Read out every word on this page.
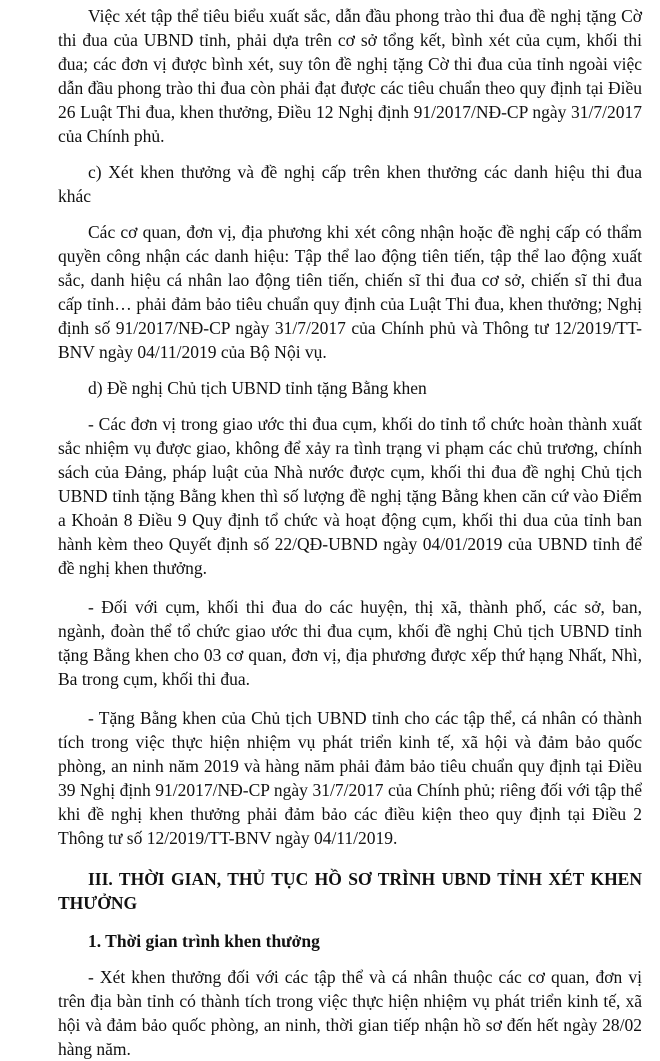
Việc xét tập thể tiêu biểu xuất sắc, dẫn đầu phong trào thi đua đề nghị tặng Cờ thi đua của UBND tỉnh, phải dựa trên cơ sở tổng kết, bình xét của cụm, khối thi đua; các đơn vị được bình xét, suy tôn đề nghị tặng Cờ thi đua của tỉnh ngoài việc dẫn đầu phong trào thi đua còn phải đạt được các tiêu chuẩn theo quy định tại Điều 26 Luật Thi đua, khen thưởng, Điều 12 Nghị định 91/2017/NĐ-CP ngày 31/7/2017 của Chính phủ.

c) Xét khen thưởng và đề nghị cấp trên khen thưởng các danh hiệu thi đua khác

Các cơ quan, đơn vị, địa phương khi xét công nhận hoặc đề nghị cấp có thẩm quyền công nhận các danh hiệu: Tập thể lao động tiên tiến, tập thể lao động xuất sắc, danh hiệu cá nhân lao động tiên tiến, chiến sĩ thi đua cơ sở, chiến sĩ thi đua cấp tỉnh… phải đảm bảo tiêu chuẩn quy định của Luật Thi đua, khen thưởng; Nghị định số 91/2017/NĐ-CP ngày 31/7/2017 của Chính phủ và Thông tư 12/2019/TT-BNV ngày 04/11/2019 của Bộ Nội vụ.

d) Đề nghị Chủ tịch UBND tỉnh tặng Bằng khen

- Các đơn vị trong giao ước thi đua cụm, khối do tỉnh tổ chức hoàn thành xuất sắc nhiệm vụ được giao, không để xảy ra tình trạng vi phạm các chủ trương, chính sách của Đảng, pháp luật của Nhà nước được cụm, khối thi đua đề nghị Chủ tịch UBND tỉnh tặng Bằng khen thì số lượng đề nghị tặng Bằng khen căn cứ vào Điểm a Khoản 8 Điều 9 Quy định tổ chức và hoạt động cụm, khối thi dua của tỉnh ban hành kèm theo Quyết định số 22/QĐ-UBND ngày 04/01/2019 của UBND tỉnh để đề nghị khen thưởng.

- Đối với cụm, khối thi đua do các huyện, thị xã, thành phố, các sở, ban, ngành, đoàn thể tổ chức giao ước thi đua cụm, khối đề nghị Chủ tịch UBND tỉnh tặng Bằng khen cho 03 cơ quan, đơn vị, địa phương được xếp thứ hạng Nhất, Nhì, Ba trong cụm, khối thi đua.

- Tặng Bằng khen của Chủ tịch UBND tỉnh cho các tập thể, cá nhân có thành tích trong việc thực hiện nhiệm vụ phát triển kinh tế, xã hội và đảm bảo quốc phòng, an ninh năm 2019 và hàng năm phải đảm bảo tiêu chuẩn quy định tại Điều 39 Nghị định 91/2017/NĐ-CP ngày 31/7/2017 của Chính phủ; riêng đối với tập thể khi đề nghị khen thưởng phải đảm bảo các điều kiện theo quy định tại Điều 2 Thông tư số 12/2019/TT-BNV ngày 04/11/2019.

III. THỜI GIAN, THỦ TỤC HỒ SƠ TRÌNH UBND TỈNH XÉT KHEN THƯỞNG

1. Thời gian trình khen thưởng

- Xét khen thưởng đối với các tập thể và cá nhân thuộc các cơ quan, đơn vị trên địa bàn tỉnh có thành tích trong việc thực hiện nhiệm vụ phát triển kinh tế, xã hội và đảm bảo quốc phòng, an ninh, thời gian tiếp nhận hồ sơ đến hết ngày 28/02 hàng năm.
